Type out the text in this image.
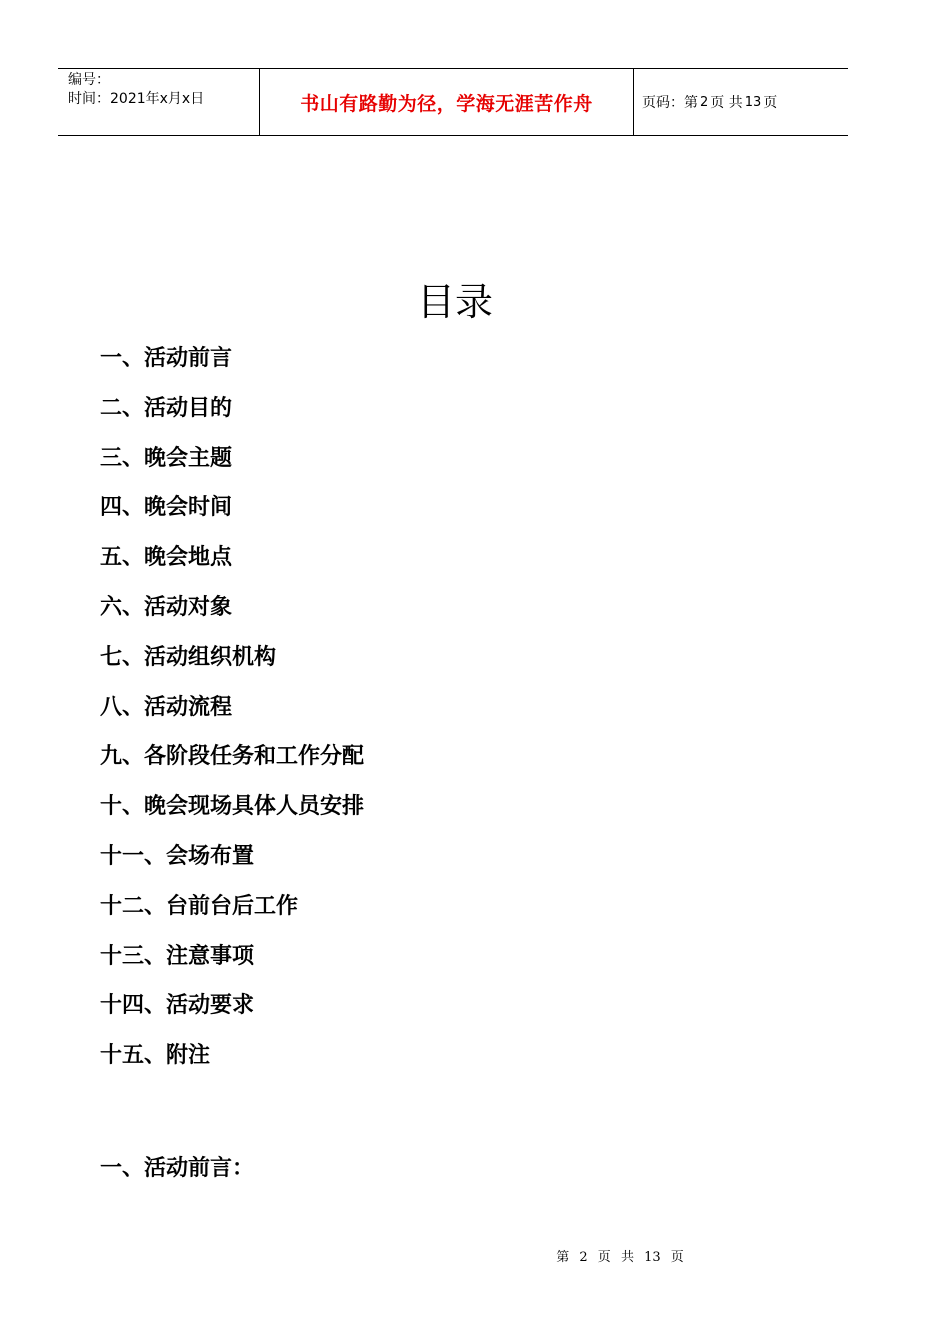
编号：
时间：2021年x月x日	书山有路勤为径，学海无涯苦作舟	页码：第 2 页 共 13 页
目录
一、活动前言
二、活动目的
三、晚会主题
四、晚会时间
五、晚会地点
六、活动对象
七、活动组织机构
八、活动流程
九、各阶段任务和工作分配
十、晚会现场具体人员安排
十一、会场布置
十二、台前台后工作
十三、注意事项
十四、活动要求
十五、附注
一、活动前言：
第 2 页 共 13 页
